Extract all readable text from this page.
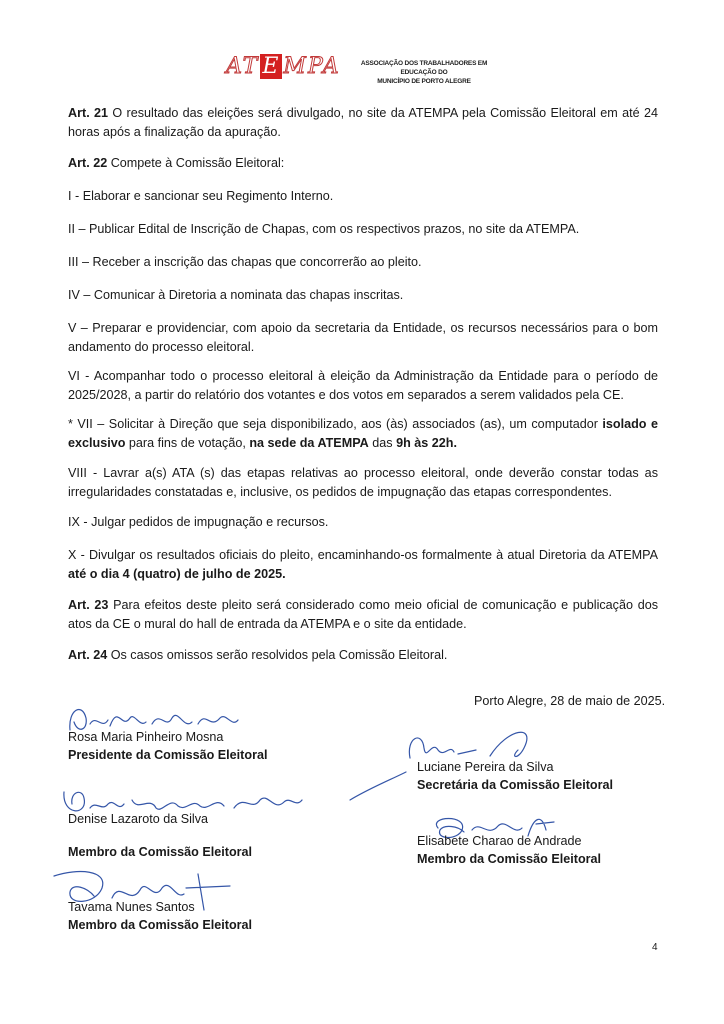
AT E MPA	ASSOCIAÇÃO DOS TRABALHADORES EM EDUCAÇÃO DO
MUNICÍPIO DE PORTO ALEGRE

Art. 21 O resultado das eleições será divulgado, no site da ATEMPA pela Comissão Eleitoral em até 24 horas após a finalização da apuração.

Art. 22 Compete à Comissão Eleitoral:

I - Elaborar e sancionar seu Regimento Interno.

II – Publicar Edital de Inscrição de Chapas, com os respectivos prazos, no site da ATEMPA.

III – Receber a inscrição das chapas que concorrerão ao pleito.

IV – Comunicar à Diretoria a nominata das chapas inscritas.

V – Preparar e providenciar, com apoio da secretaria da Entidade, os recursos necessários para o bom andamento do processo eleitoral.

VI - Acompanhar todo o processo eleitoral à eleição da Administração da Entidade para o período de 2025/2028, a partir do relatório dos votantes e dos votos em separados a serem validados pela CE.

* VII – Solicitar à Direção que seja disponibilizado, aos (às) associados (as), um computador isolado e exclusivo para fins de votação, na sede da ATEMPA das 9h às 22h.

VIII - Lavrar a(s) ATA (s) das etapas relativas ao processo eleitoral, onde deverão constar todas as irregularidades constatadas e, inclusive, os pedidos de impugnação das etapas correspondentes.

IX - Julgar pedidos de impugnação e recursos.

X - Divulgar os resultados oficiais do pleito, encaminhando-os formalmente à atual Diretoria da ATEMPA até o dia 4 (quatro) de julho de 2025.

Art. 23 Para efeitos deste pleito será considerado como meio oficial de comunicação e publicação dos atos da CE o mural do hall de entrada da ATEMPA e o site da entidade.

Art. 24 Os casos omissos serão resolvidos pela Comissão Eleitoral.

Porto Alegre, 28 de maio de 2025.
Rosa Maria Pinheiro Mosna
Presidente da Comissão Eleitoral
Luciane Pereira da Silva
Secretária da Comissão Eleitoral
Denise Lazaroto da Silva
Membro da Comissão Eleitoral
Elisabete Charao de Andrade
Membro da Comissão Eleitoral
Tavama Nunes Santos
Membro da Comissão Eleitoral
4
